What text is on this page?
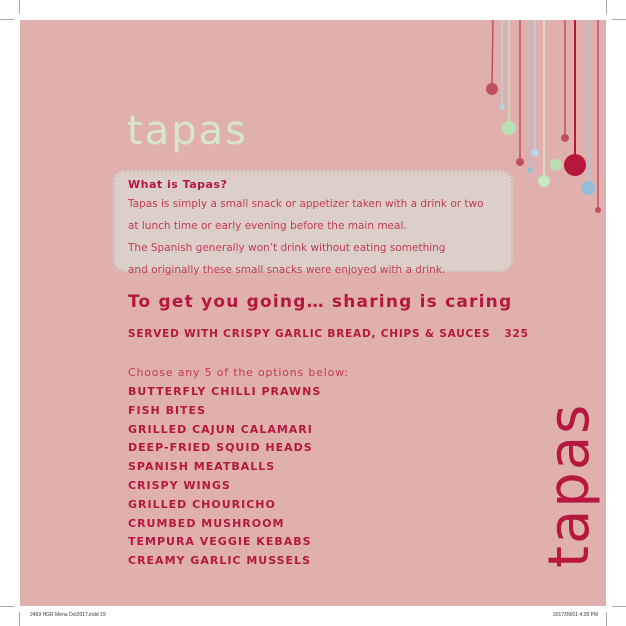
tapas
What is Tapas?

Tapas is simply a small snack or appetizer taken with a drink or two

at lunch time or early evening before the main meal.

The Spanish generally won’t drink without eating something

and originally these small snacks were enjoyed with a drink.

To get you going… sharing is caring
SERVED WITH CRISPY GARLIC BREAD, CHIPS & SAUCES 325
Choose any 5 of the options below:
BUTTERFLY CHILLI PRAWNS
FISH BITES
GRILLED CAJUN CALAMARI
DEEP-FRIED SQUID HEADS
SPANISH MEATBALLS
CRISPY WINGS
GRILLED CHOURICHO
CRUMBED MUSHROOM
TEMPURA VEGGIE KEBABS
CREAMY GARLIC MUSSELS	tapas
2469 HGR Menu Oct2017.indd 19	2017/09/01 4:28 PM
